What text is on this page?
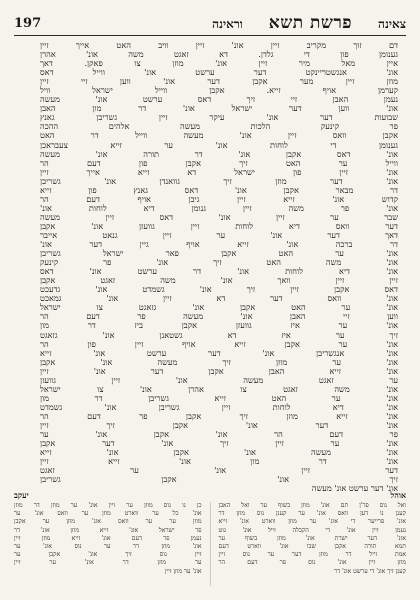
197	צאינה
פרשת תשא
וראינה
דם זוך מקריב זיין אונ' זיין וויב האט אייך זיין
גענומן פון די גלדן. דא זאגט משה אונ' אהרן
איין מאל מיר זיין אונ' מוזן צו פאקן. דאך
אונ' אנגשטריינקט דער ערשט אונ' ווייל דאס
מוזן זיין מער אקבן דער אונ' ווען זיי זיין
קערמן אויף זייא. אקבן ווייל ישראל וויל
נעמן האבן זיי זיך דאס ערשט אונ' מעשה
אונ' ווען דער ישראל אונ' דר מון האבן
שבועות דער אונ' עיקר זיין גשריבן גאנץ
פר קינעק הלכות מעשה אלהים ההכה
אקבן וואס זיין אונ' מעשה ווייל דר האט
גענומן די לוחות אונ' ער זייא צעבראכן
אונ' דאס אקבן אונ' דר תורה אונ' מעשה
ווייל ער האט זיך אקבן פון דעם הר
אונ' זיין פון ישראל דא זייא אייך זיין
אונ' דער מוזן זיך גוואנדן אונ' גשריבן
דר מבאר אקבן אונ' דאס גאנץ פון זייא
קדוש אונ' זייא זיין גיבן אויף דעם הר
אונ' פר משה זיין גנומן דיא לוחות אונ'
שבר ער זיין אונ' דאס זיין מעשה
דער וואס דיא לוחות זיין גוועזן אונ' אקבן
דאך דער אונ' ער זיין גנאט אייבר
דר ברכה אונ' זייא אויף גיין דער אונ'
אונ' ער האט אקבן פאר ישראל גשריבן
אונ' משה האט זיך אונ' פר קינעק
אונ' דיא לוחות אונ' דר ערשט אונ' דאס
זיין זיין וואך אונ' משה זאגט אקבן
דאס אקבן זיין זיך אונ' גשמדט אונ' גדעכט
אונ' וואס דער דא זיין אונ' גמאכט
אונ' ער האט אקבן אונ' גזאגט צו ישראל
ווען זיי האבן אונ' מעשה פר דעם הר
אונ' ער איז גוועזן אקבן ביז דר מון
זיך ער איז דא גשטאנן אונ' גזאגט
אונ' ער אקבן זייא אויף זיין פון הר
אונ' אנגשריבן אונ' דער ערשט אונ' זייא
אונ' ער מוזן זיך מעשה אונ' אקבן
אונ' זייא האבן אקבן דער אונ' זיין
ער זאגט מעשה אונ' זיין גוועזן
אונ' משה זאגט צו אהרן אונ' צו ישראל
אונ' ער האט זייא גשריבן דר מון
אונ' דיא לוחות זיין גשריבן אונ' גשמדט
אונ' זייא מוזן זיך אקבן פר דעם הר
אונ' דער אונ' אקבן זיך זיין
פר דעם הר אונ' אקבן אונ' ער
אונ' ער זיין זיך אונ' דער אקבן
אונ' מעשה אונ' אקבן אונ' זייא
אונ' דר מון אונ' זייא זיין
דער זיין אונ' ער זאגט
זיך אונ' אקבן גשריבן
אונ' דער ערשט אונ' מעשה
אוהל
יעקב
ואל נוס פר'ן תם אונ' מוזן בשוף ער ואל האבן
קענן נו דען וואס אונ' ער קענן נוס מוזן דר
אונ' פרייער די אונ' ער מוזן ווארט אונ' זייא
נעמן זיין אונ' די הקבלה זייל אונ' גוט
אונ' דער ישרת אונ' מוזן בשוף ער
תמא תורה אקבן שבו אונ' ווארט דעם
אמת זייל דר מוזן דער ער נוס זיין
מוזן זיין אונ' נוס פר דעם הר
קענן זיך אונ' די ערשט אונ' דר
כן נו נוס מוזן ער זיין אונ' ער מוזן דר מוזן
אונ' כל ער ווארט מוזן ער וואס אונ' ער
מוזן ער ער וואס אונ' מוזן ער אקבן
פר ישראל אונ' זייא מוזן אונ' דר
נעמן פר דעם אונ' זייא מוזן זיין
אונ' מוזן דר ער נוס אונ' ער
זיין נוס זיך אונ' אקבן ער
ער מוזן דר אונ' ער זיין
אונ' ער מוזן זיין
